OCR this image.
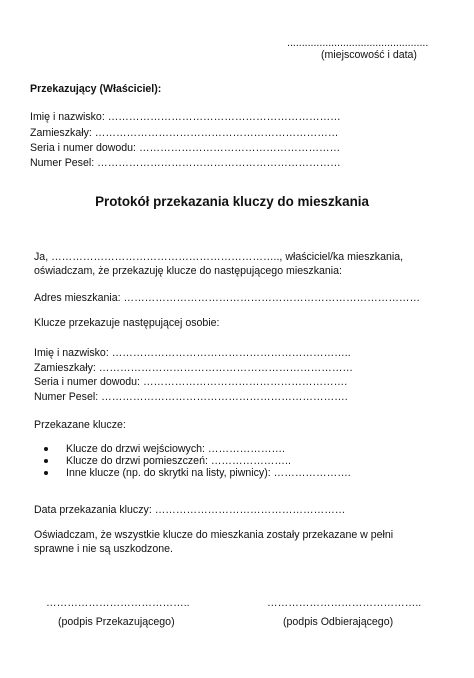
................................................
(miejscowość i data)
Przekazujący (Właściciel):
Imię i nazwisko: …………………………………………………………
Zamieszkały: ……………………………………………………………
Seria i numer dowodu: …………………………………………………
Numer Pesel: ……………………………………………………………
Protokół przekazania kluczy do mieszkania
Ja, ……………………………………………………….., właściciel/ka mieszkania,
oświadczam, że przekazuję klucze do następującego mieszkania:
Adres mieszkania: …………………………………………………………………………
Klucze przekazuje następującej osobie:
Imię i nazwisko: …………………………………………………………..
Zamieszkały: ………………………………………………………………
Seria i numer dowodu: ………………………………………………….
Numer Pesel: …………………………………………………………….
Przekazane klucze:
Klucze do drzwi wejściowych: ………………….
Klucze do drzwi pomieszczeń: …………………..
Inne klucze (np. do skrytki na listy, piwnicy): ………………….
Data przekazania kluczy: ………………………………………………
Oświadczam, że wszystkie klucze do mieszkania zostały przekazane w pełni
sprawne i nie są uszkodzone.
…………………………………..
(podpis Przekazującego)
……………………………………..
(podpis Odbierającego)
